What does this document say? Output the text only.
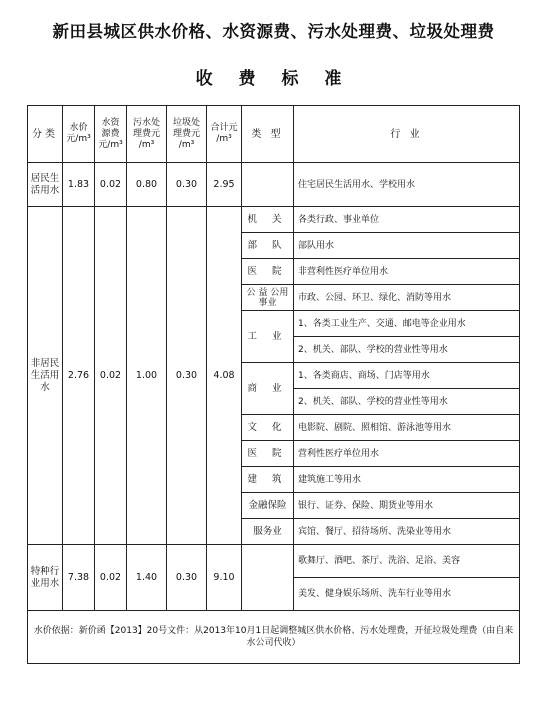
新田县城区供水价格、水资源费、污水处理费、垃圾处理费
收 费 标 准
分类	水价 元/m³	水资 源费 元/m³	污水处 理费元 /m³	垃圾处 理费元 /m³	合计元 /m³	类 型	行 业
居民生活用水	1.83	0.02	0.80	0.30	2.95		住宅居民生活用水、学校用水
非居民生活用水	2.76	0.02	1.00	0.30	4.08	机 关	各类行政、事业单位
						部 队	部队用水
						医 院	非营利性医疗单位用水
						公 益 公用事业	市政、公园、环卫、绿化、消防等用水
						工 业	1、各类工业生产、交通、邮电等企业用水
							2、机关、部队、学校的营业性等用水
						商 业	1、各类商店、商场、门店等用水
							2、机关、部队、学校的营业性等用水
						文 化	电影院、剧院、照相馆、游泳池等用水
						医 院	营利性医疗单位用水
						建 筑	建筑施工等用水
						金融保险	银行、证券、保险、期货业等用水
						服务业	宾馆、餐厅、招待场所、洗染业等用水
特种行业用水	7.38	0.02	1.40	0.30	9.10		歌舞厅、酒吧、茶厅、洗浴、足浴、美容
							美发、健身娱乐场所、洗车行业等用水
水价依据：新价函【2013】20号文件：从2013年10月1日起调整城区供水价格、污水处理费，开征垃圾处理费（由自来水公司代收）							
